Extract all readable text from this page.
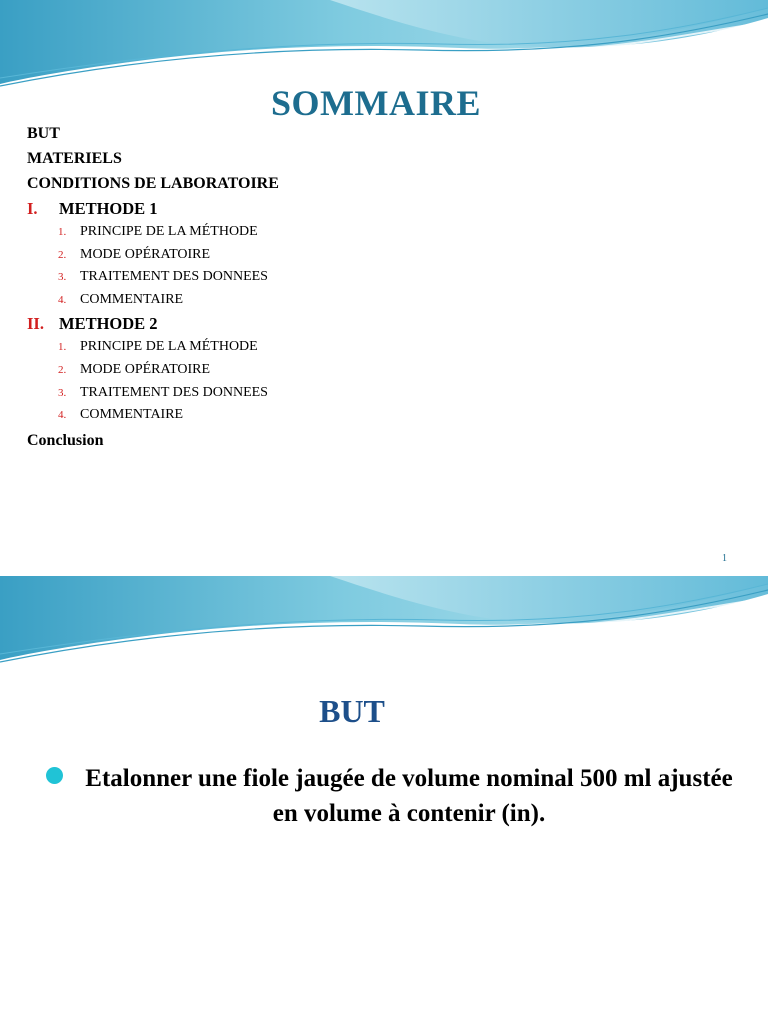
SOMMAIRE
BUT
MATERIELS
CONDITIONS DE LABORATOIRE
I.	METHODE 1
1. PRINCIPE DE LA MÉTHODE
2. MODE OPÉRATOIRE
3. TRAITEMENT DES DONNEES
4. COMMENTAIRE
II. METHODE 2
1. PRINCIPE DE LA MÉTHODE
2. MODE OPÉRATOIRE
3. TRAITEMENT DES DONNEES
4. COMMENTAIRE
Conclusion
1
BUT
Etalonner une fiole jaugée de volume nominal 500 ml ajustée en volume à contenir (in).
